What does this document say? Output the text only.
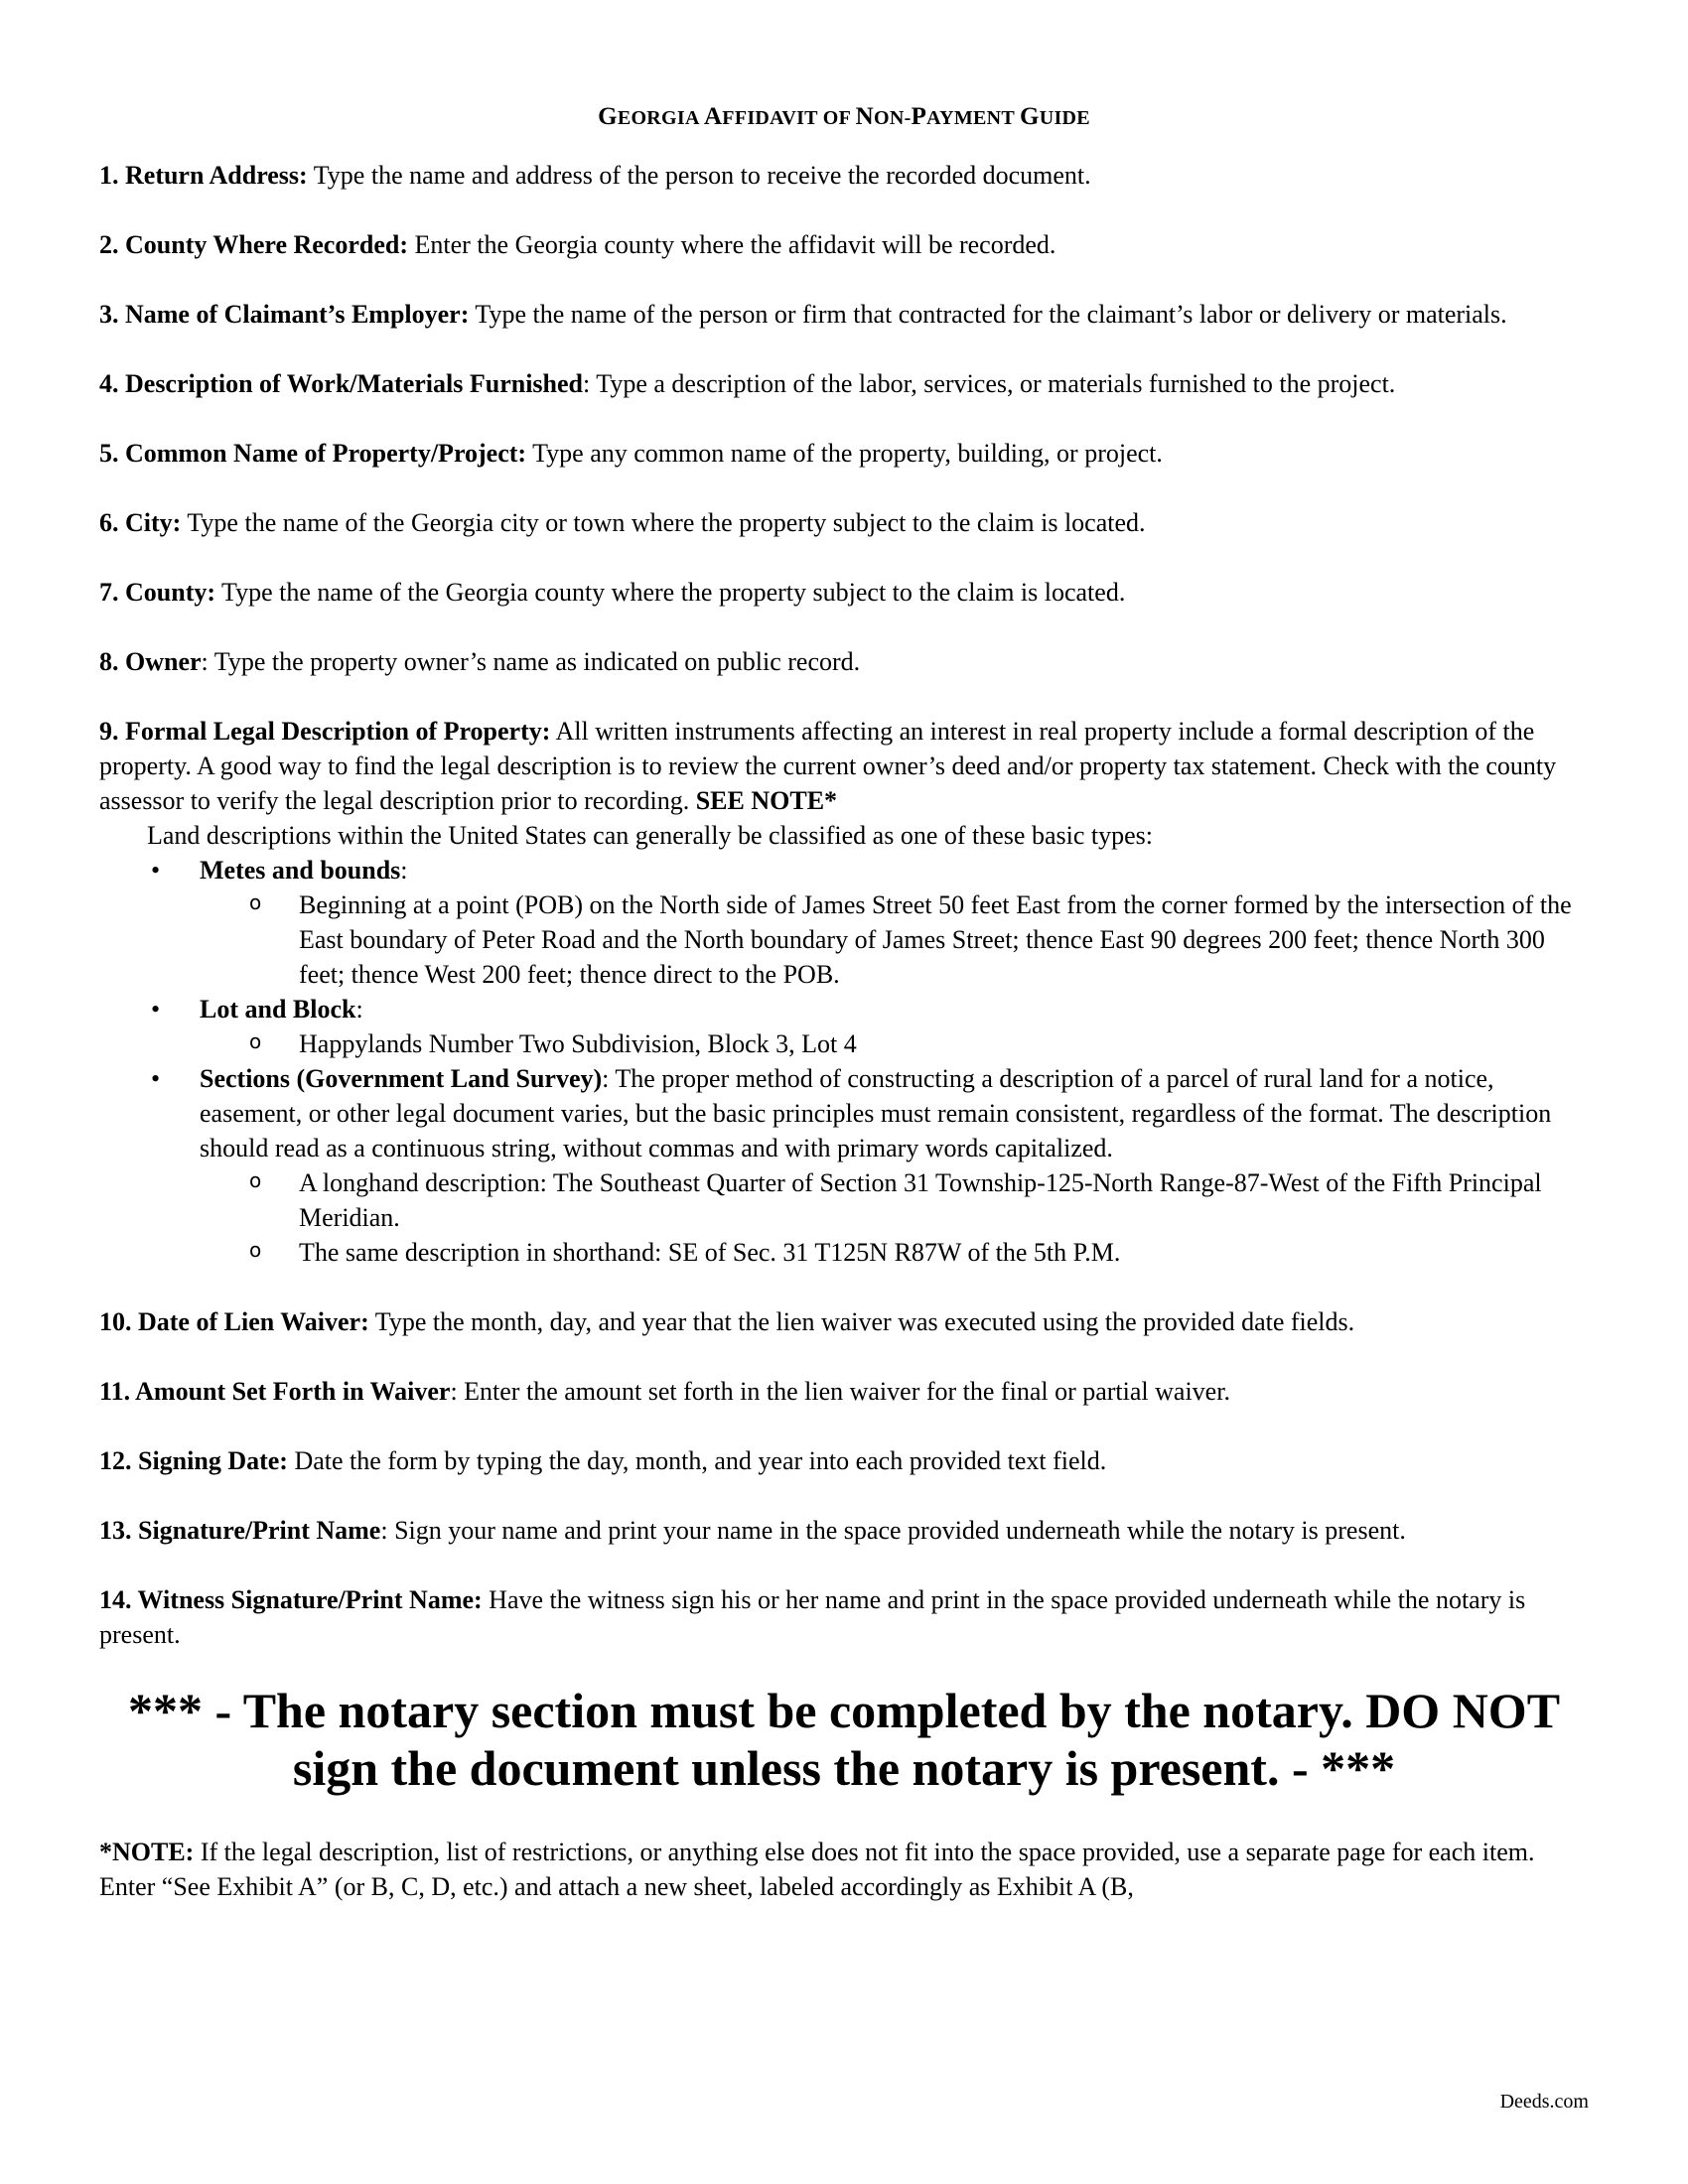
GEORGIA AFFIDAVIT OF NON-PAYMENT GUIDE
1. Return Address: Type the name and address of the person to receive the recorded document.
2. County Where Recorded: Enter the Georgia county where the affidavit will be recorded.
3. Name of Claimant’s Employer: Type the name of the person or firm that contracted for the claimant’s labor or delivery or materials.
4. Description of Work/Materials Furnished: Type a description of the labor, services, or materials furnished to the project.
5. Common Name of Property/Project: Type any common name of the property, building, or project.
6. City: Type the name of the Georgia city or town where the property subject to the claim is located.
7. County: Type the name of the Georgia county where the property subject to the claim is located.
8. Owner: Type the property owner’s name as indicated on public record.
9. Formal Legal Description of Property: All written instruments affecting an interest in real property include a formal description of the property. A good way to find the legal description is to review the current owner’s deed and/or property tax statement. Check with the county assessor to verify the legal description prior to recording. SEE NOTE*
Land descriptions within the United States can generally be classified as one of these basic types:
• Metes and bounds:
o Beginning at a point (POB) on the North side of James Street 50 feet East from the corner formed by the intersection of the East boundary of Peter Road and the North boundary of James Street; thence East 90 degrees 200 feet; thence North 300 feet; thence West 200 feet; thence direct to the POB.
• Lot and Block:
o Happylands Number Two Subdivision, Block 3, Lot 4
• Sections (Government Land Survey): The proper method of constructing a description of a parcel of rural land for a notice, easement, or other legal document varies, but the basic principles must remain consistent, regardless of the format. The description should read as a continuous string, without commas and with primary words capitalized.
o A longhand description: The Southeast Quarter of Section 31 Township-125-North Range-87-West of the Fifth Principal Meridian.
o The same description in shorthand: SE of Sec. 31 T125N R87W of the 5th P.M.
10. Date of Lien Waiver: Type the month, day, and year that the lien waiver was executed using the provided date fields.
11. Amount Set Forth in Waiver: Enter the amount set forth in the lien waiver for the final or partial waiver.
12. Signing Date: Date the form by typing the day, month, and year into each provided text field.
13. Signature/Print Name: Sign your name and print your name in the space provided underneath while the notary is present.
14. Witness Signature/Print Name: Have the witness sign his or her name and print in the space provided underneath while the notary is present.
*** - The notary section must be completed by the notary. DO NOT
sign the document unless the notary is present. - ***
*NOTE: If the legal description, list of restrictions, or anything else does not fit into the space provided, use a separate page for each item. Enter “See Exhibit A” (or B, C, D, etc.) and attach a new sheet, labeled accordingly as Exhibit A (B,
Deeds.com
